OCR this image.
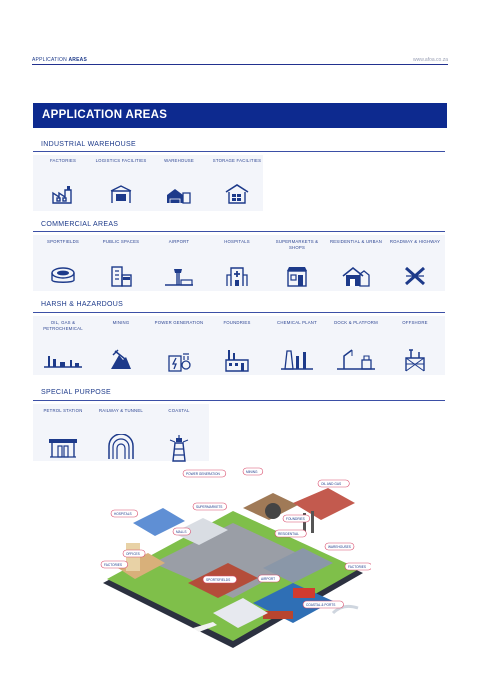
APPLICATION AREAS	www.afoa.co.za
APPLICATION AREAS
INDUSTRIAL WAREHOUSE
FACTORIES	LOGISTICS FACILITIES	WAREHOUSE	STORAGE FACILITIES
COMMERCIAL AREAS
SPORTFIELDS	PUBLIC SPACES	AIRPORT	HOSPITALS	SUPERMARKETS & SHOPS
RESIDENTIAL & URBAN	ROADWAY & HIGHWAY
HARSH & HAZARDOUS
OIL, GAS & PETROCHEMICAL
MINING	POWER GENERATION	FOUNDRIES	CHEMICAL PLANT	DOCK & PLATFORM	OFFSHORE
SPECIAL PURPOSE
PETROL STATION	RAILWAY & TUNNEL	COASTAL
POWER GENERATION	MINING
OIL AND GAS
HOSPITALS
SUPERMARKETS
MALLS
FOUNDRIES
RESIDENTIAL
WAREHOUSES
OFFICES
FACTORIES
SPORTSFIELDS	AIRPORT
COASTAL & PORTS
FACTORIES
